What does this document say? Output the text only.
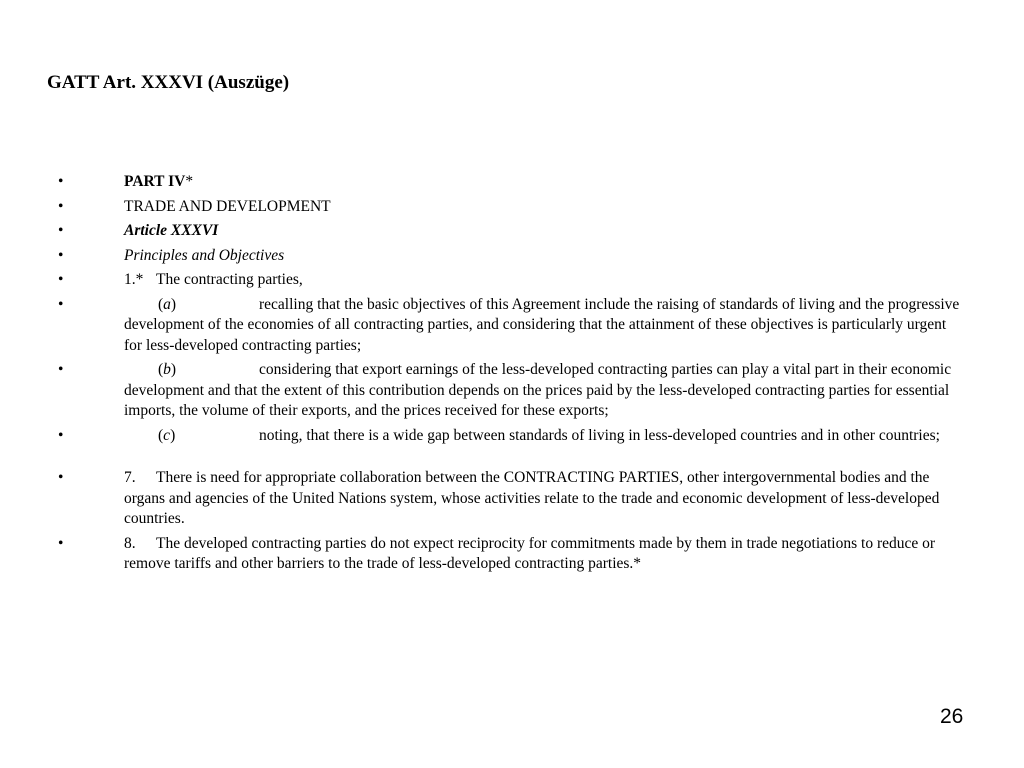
GATT Art. XXXVI (Auszüge)
•	PART IV*
•	TRADE AND DEVELOPMENT
•	Article XXXVI
•	Principles and Objectives
•	1.* The contracting parties,
•	(a)	recalling that the basic objectives of this Agreement include the raising of standards of living and the progressive development of the economies of all contracting parties, and considering that the attainment of these objectives is particularly urgent for less-developed contracting parties;
•	(b)	considering that export earnings of the less-developed contracting parties can play a vital part in their economic development and that the extent of this contribution depends on the prices paid by the less-developed contracting parties for essential imports, the volume of their exports, and the prices received for these exports;
•	(c)	noting, that there is a wide gap between standards of living in less-developed countries and in other countries;
•	7. There is need for appropriate collaboration between the CONTRACTING PARTIES, other intergovernmental bodies and the organs and agencies of the United Nations system, whose activities relate to the trade and economic development of less-developed countries.
•	8. The developed contracting parties do not expect reciprocity for commitments made by them in trade negotiations to reduce or remove tariffs and other barriers to the trade of less-developed contracting parties.*
26
